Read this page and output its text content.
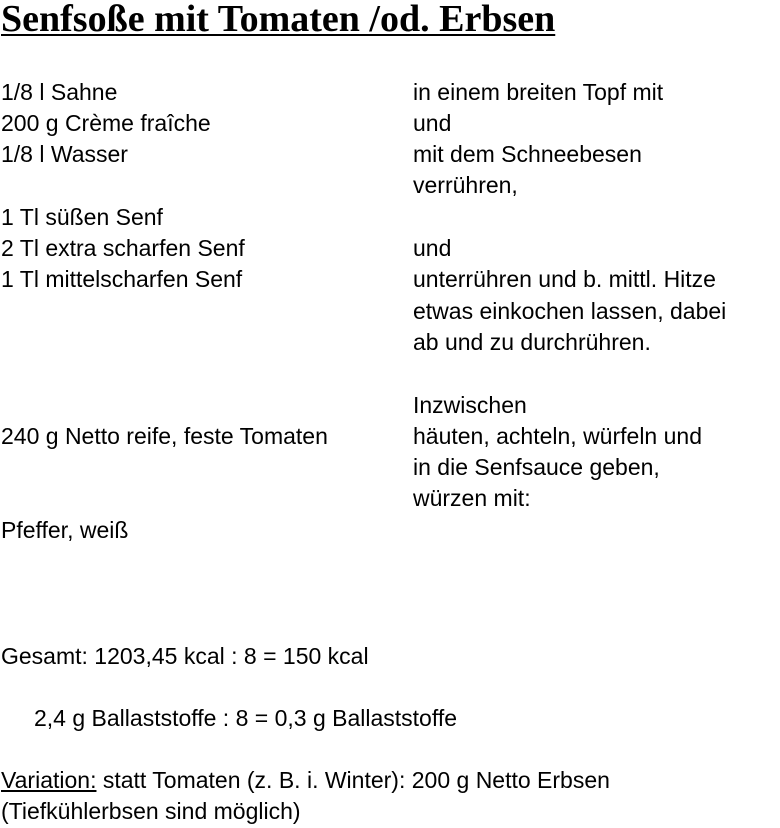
Senfsoße mit Tomaten /od. Erbsen
1/8 l Sahne
200 g Crème fraîche
1/8 l Wasser
1 Tl süßen Senf
2 Tl extra scharfen Senf
1 Tl mittelscharfen Senf
240 g Netto reife, feste Tomaten
Pfeffer, weiß
in einem breiten Topf mit
und
mit dem Schneebesen
verrühren,
und
unterrühren und b. mittl. Hitze
etwas einkochen lassen, dabei
ab und zu durchrühren.
Inzwischen
häuten, achteln, würfeln und
in die Senfsauce geben,
würzen mit:
Gesamt: 1203,45 kcal : 8 = 150 kcal
2,4 g Ballaststoffe : 8 = 0,3 g Ballaststoffe
Variation: statt Tomaten (z. B. i. Winter): 200 g Netto Erbsen
(Tiefkühlerbsen sind möglich)
